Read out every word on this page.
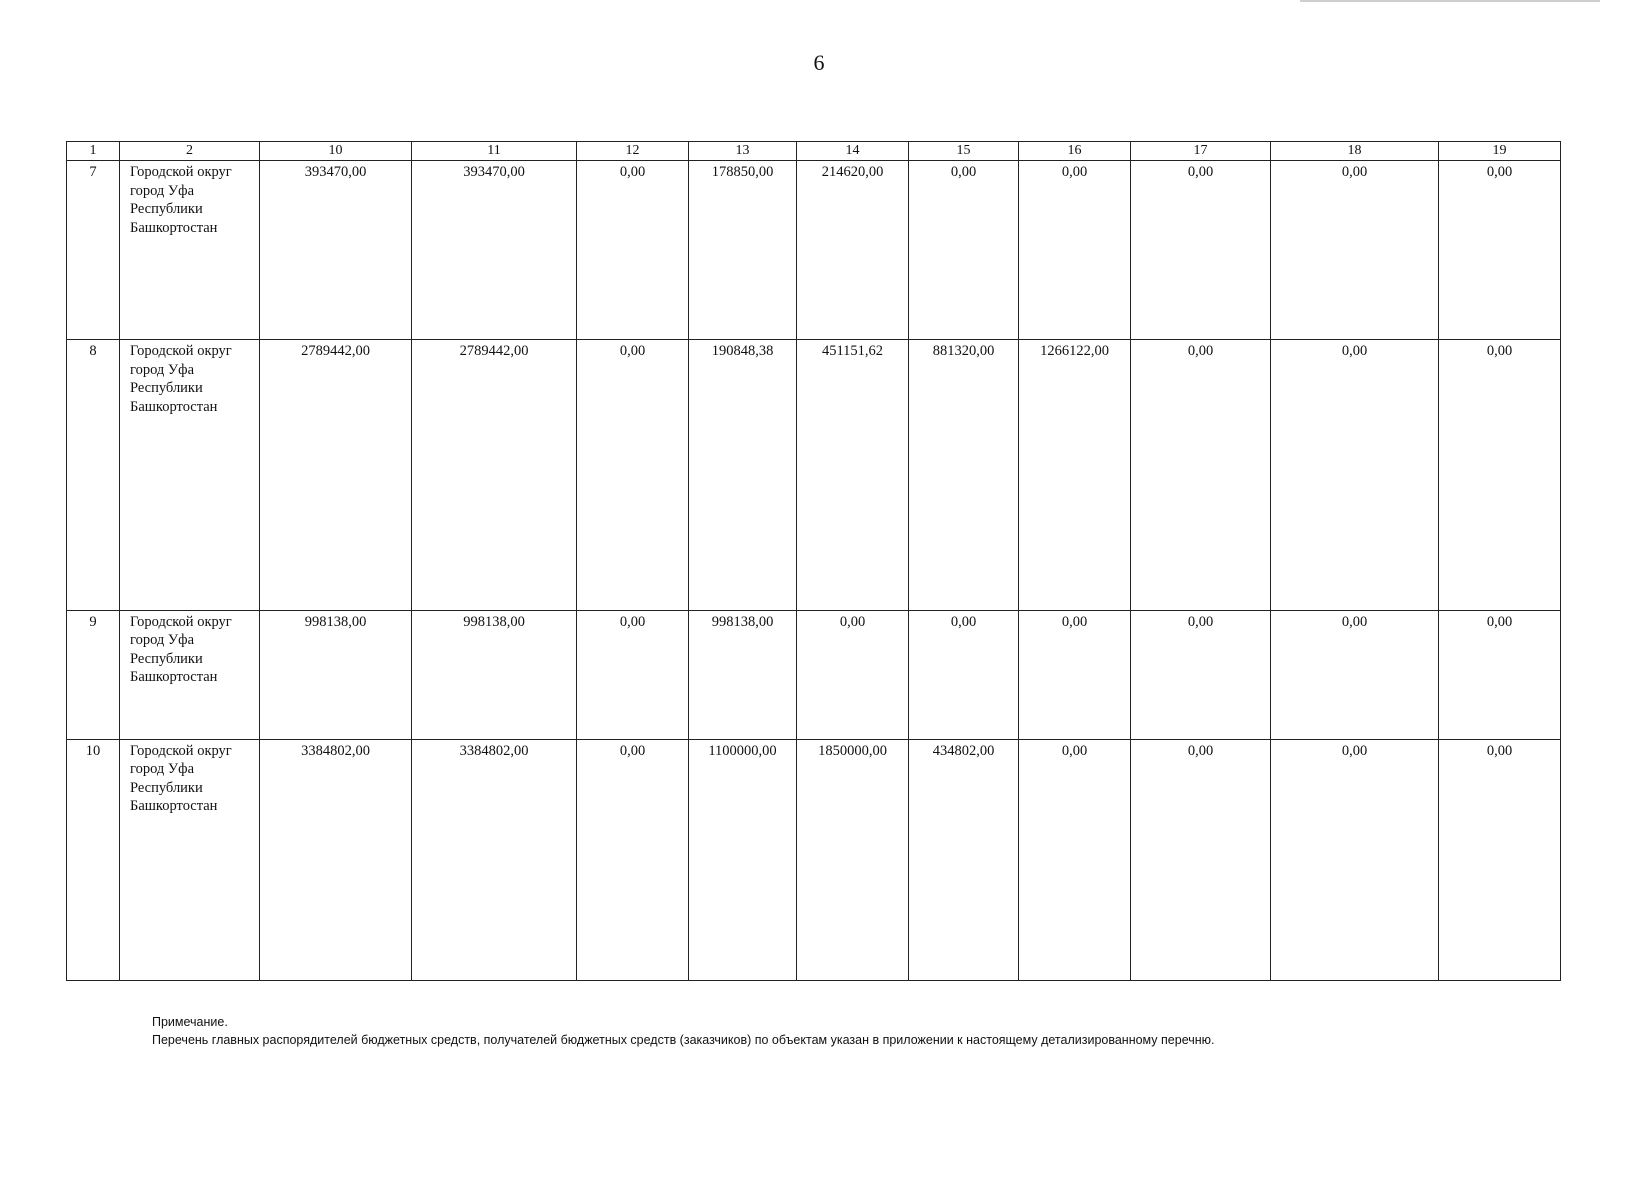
6
1	2	10	11	12	13	14	15	16	17	18	19
7	Городской округ город Уфа Республики Башкортостан	393470,00	393470,00	0,00	178850,00	214620,00	0,00	0,00	0,00	0,00	0,00
8	Городской округ город Уфа Республики Башкортостан	2789442,00	2789442,00	0,00	190848,38	451151,62	881320,00	1266122,00	0,00	0,00	0,00
9	Городской округ город Уфа Республики Башкортостан	998138,00	998138,00	0,00	998138,00	0,00	0,00	0,00	0,00	0,00	0,00
10	Городской округ город Уфа Республики Башкортостан	3384802,00	3384802,00	0,00	1100000,00	1850000,00	434802,00	0,00	0,00	0,00	0,00
Примечание.
Перечень главных распорядителей бюджетных средств, получателей бюджетных средств (заказчиков) по объектам указан в приложении к настоящему детализированному перечню.
